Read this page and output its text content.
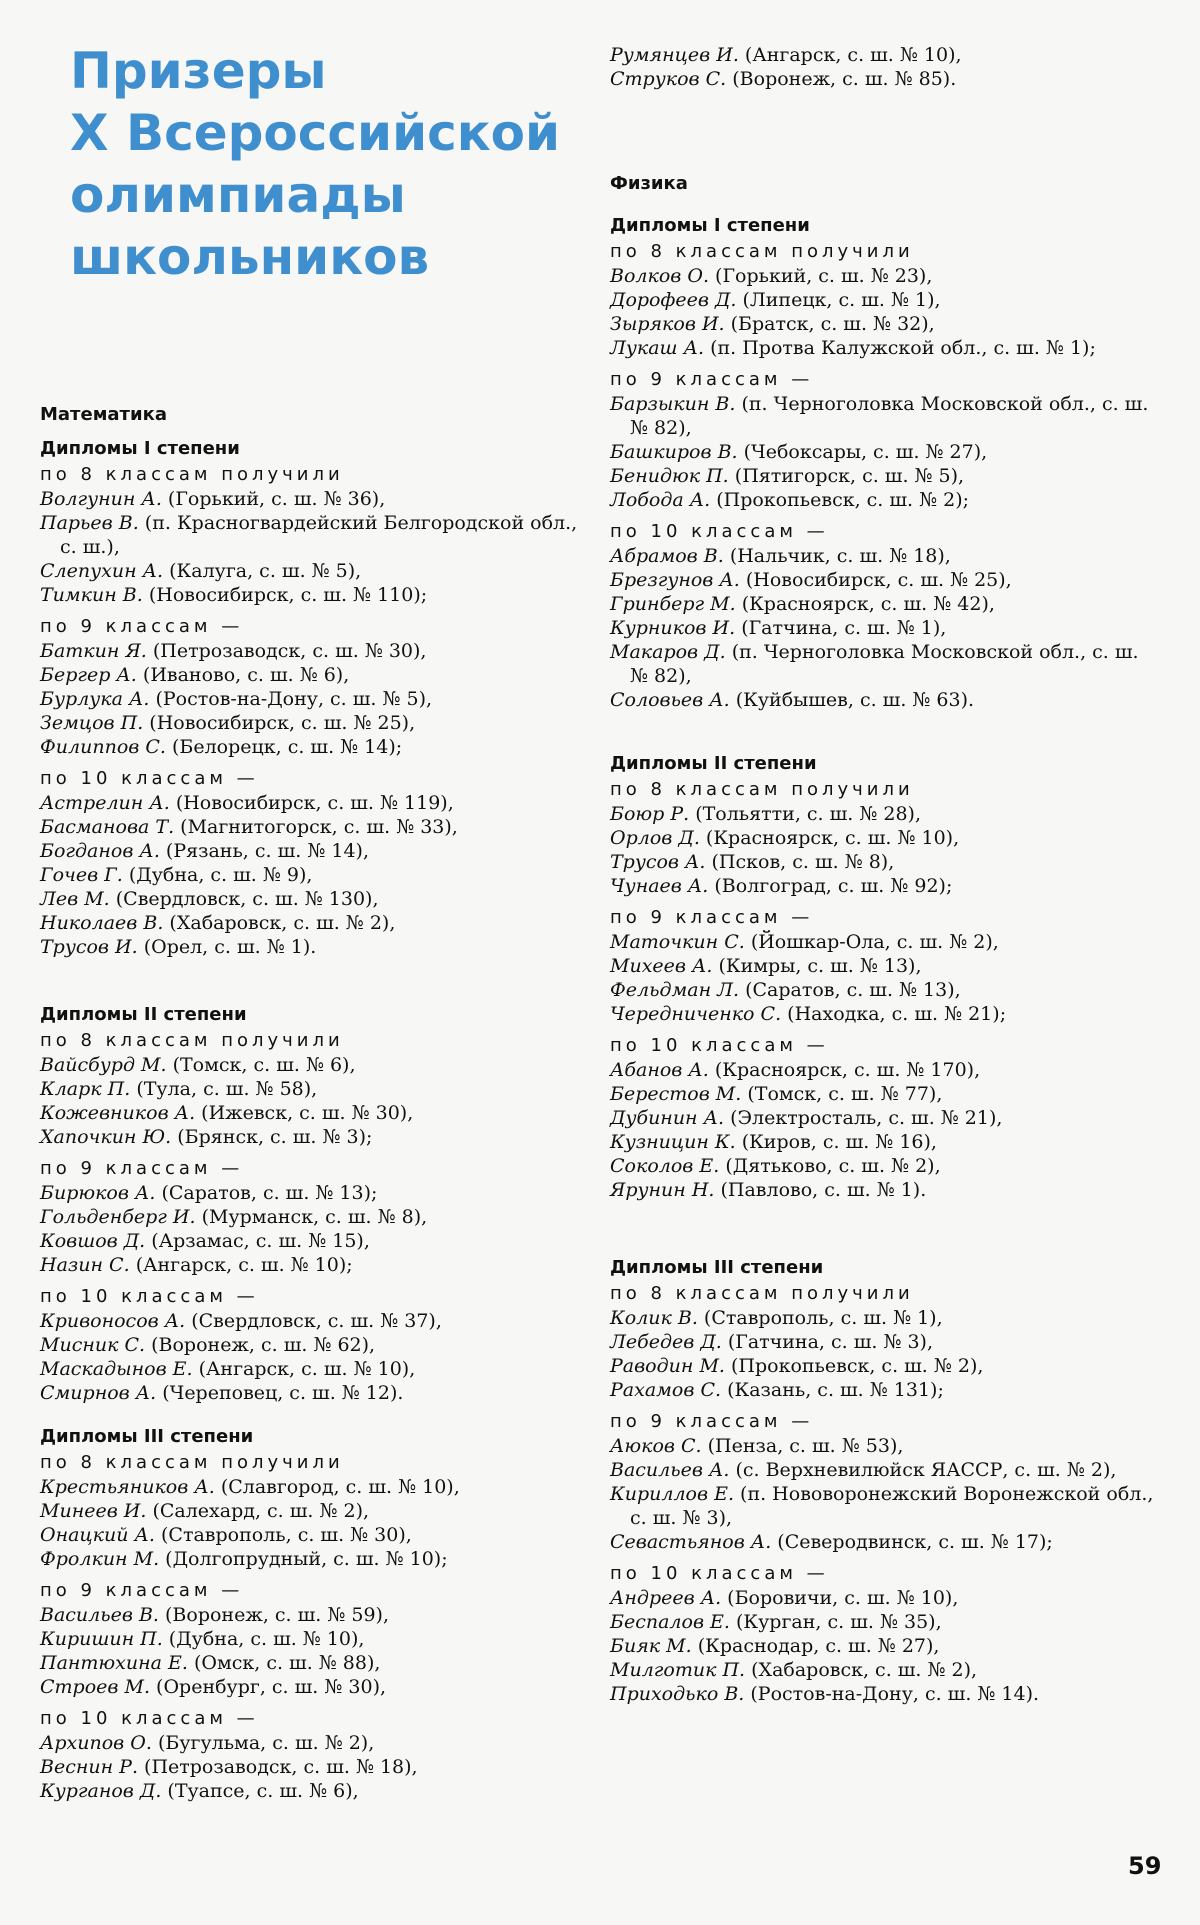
Призеры
Х Всероссийской
олимпиады
школьников
Математика
Дипломы I степени
по 8 классам получили
Волгунин А. (Горький, с. ш. № 36),
Парьев В. (п. Красногвардейский Белгородской обл., с. ш.),
Слепухин А. (Калуга, с. ш. № 5),
Тимкин В. (Новосибирск, с. ш. № 110);
по 9 классам —
Баткин Я. (Петрозаводск, с. ш. № 30),
Бергер А. (Иваново, с. ш. № 6),
Бурлука А. (Ростов-на-Дону, с. ш. № 5),
Земцов П. (Новосибирск, с. ш. № 25),
Филиппов С. (Белорецк, с. ш. № 14);
по 10 классам —
Астрелин А. (Новосибирск, с. ш. № 119),
Басманова Т. (Магнитогорск, с. ш. № 33),
Богданов А. (Рязань, с. ш. № 14),
Гочев Г. (Дубна, с. ш. № 9),
Лев М. (Свердловск, с. ш. № 130),
Николаев В. (Хабаровск, с. ш. № 2),
Трусов И. (Орел, с. ш. № 1).
Дипломы II степени
по 8 классам получили
Вайсбурд М. (Томск, с. ш. № 6),
Кларк П. (Тула, с. ш. № 58),
Кожевников А. (Ижевск, с. ш. № 30),
Хапочкин Ю. (Брянск, с. ш. № 3);
по 9 классам —
Бирюков А. (Саратов, с. ш. № 13);
Гольденберг И. (Мурманск, с. ш. № 8),
Ковшов Д. (Арзамас, с. ш. № 15),
Назин С. (Ангарск, с. ш. № 10);
по 10 классам —
Кривоносов А. (Свердловск, с. ш. № 37),
Мисник С. (Воронеж, с. ш. № 62),
Маскадынов Е. (Ангарск, с. ш. № 10),
Смирнов А. (Череповец, с. ш. № 12).
Дипломы III степени
по 8 классам получили
Крестьяников А. (Славгород, с. ш. № 10),
Минеев И. (Салехард, с. ш. № 2),
Онацкий А. (Ставрополь, с. ш. № 30),
Фролкин М. (Долгопрудный, с. ш. № 10);
по 9 классам —
Васильев В. (Воронеж, с. ш. № 59),
Киришин П. (Дубна, с. ш. № 10),
Пантюхина Е. (Омск, с. ш. № 88),
Строев М. (Оренбург, с. ш. № 30),
по 10 классам —
Архипов О. (Бугульма, с. ш. № 2),
Веснин Р. (Петрозаводск, с. ш. № 18),
Курганов Д. (Туапсе, с. ш. № 6),
Румянцев И. (Ангарск, с. ш. № 10),
Струков С. (Воронеж, с. ш. № 85).
Физика
Дипломы I степени
по 8 классам получили
Волков О. (Горький, с. ш. № 23),
Дорофеев Д. (Липецк, с. ш. № 1),
Зыряков И. (Братск, с. ш. № 32),
Лукаш А. (п. Протва Калужской обл., с. ш. № 1);
по 9 классам —
Барзыкин В. (п. Черноголовка Московской обл., с. ш. № 82),
Башкиров В. (Чебоксары, с. ш. № 27),
Бенидюк П. (Пятигорск, с. ш. № 5),
Лобода А. (Прокопьевск, с. ш. № 2);
по 10 классам —
Абрамов В. (Нальчик, с. ш. № 18),
Брезгунов А. (Новосибирск, с. ш. № 25),
Гринберг М. (Красноярск, с. ш. № 42),
Курников И. (Гатчина, с. ш. № 1),
Макаров Д. (п. Черноголовка Московской обл., с. ш. № 82),
Соловьев А. (Куйбышев, с. ш. № 63).
Дипломы II степени
по 8 классам получили
Боюр Р. (Тольятти, с. ш. № 28),
Орлов Д. (Красноярск, с. ш. № 10),
Трусов А. (Псков, с. ш. № 8),
Чунаев А. (Волгоград, с. ш. № 92);
по 9 классам —
Маточкин С. (Йошкар-Ола, с. ш. № 2),
Михеев А. (Кимры, с. ш. № 13),
Фельдман Л. (Саратов, с. ш. № 13),
Чередниченко С. (Находка, с. ш. № 21);
по 10 классам —
Абанов А. (Красноярск, с. ш. № 170),
Берестов М. (Томск, с. ш. № 77),
Дубинин А. (Электросталь, с. ш. № 21),
Кузницин К. (Киров, с. ш. № 16),
Соколов Е. (Дятьково, с. ш. № 2),
Ярунин Н. (Павлово, с. ш. № 1).
Дипломы III степени
по 8 классам получили
Колик В. (Ставрополь, с. ш. № 1),
Лебедев Д. (Гатчина, с. ш. № 3),
Раводин М. (Прокопьевск, с. ш. № 2),
Рахамов С. (Казань, с. ш. № 131);
по 9 классам —
Аюков С. (Пенза, с. ш. № 53),
Васильев А. (с. Верхневилюйск ЯАССР, с. ш. № 2),
Кириллов Е. (п. Нововоронежский Воронежской обл., с. ш. № 3),
Севастьянов А. (Северодвинск, с. ш. № 17);
по 10 классам —
Андреев А. (Боровичи, с. ш. № 10),
Беспалов Е. (Курган, с. ш. № 35),
Бияк М. (Краснодар, с. ш. № 27),
Милготик П. (Хабаровск, с. ш. № 2),
Приходько В. (Ростов-на-Дону, с. ш. № 14).
59
